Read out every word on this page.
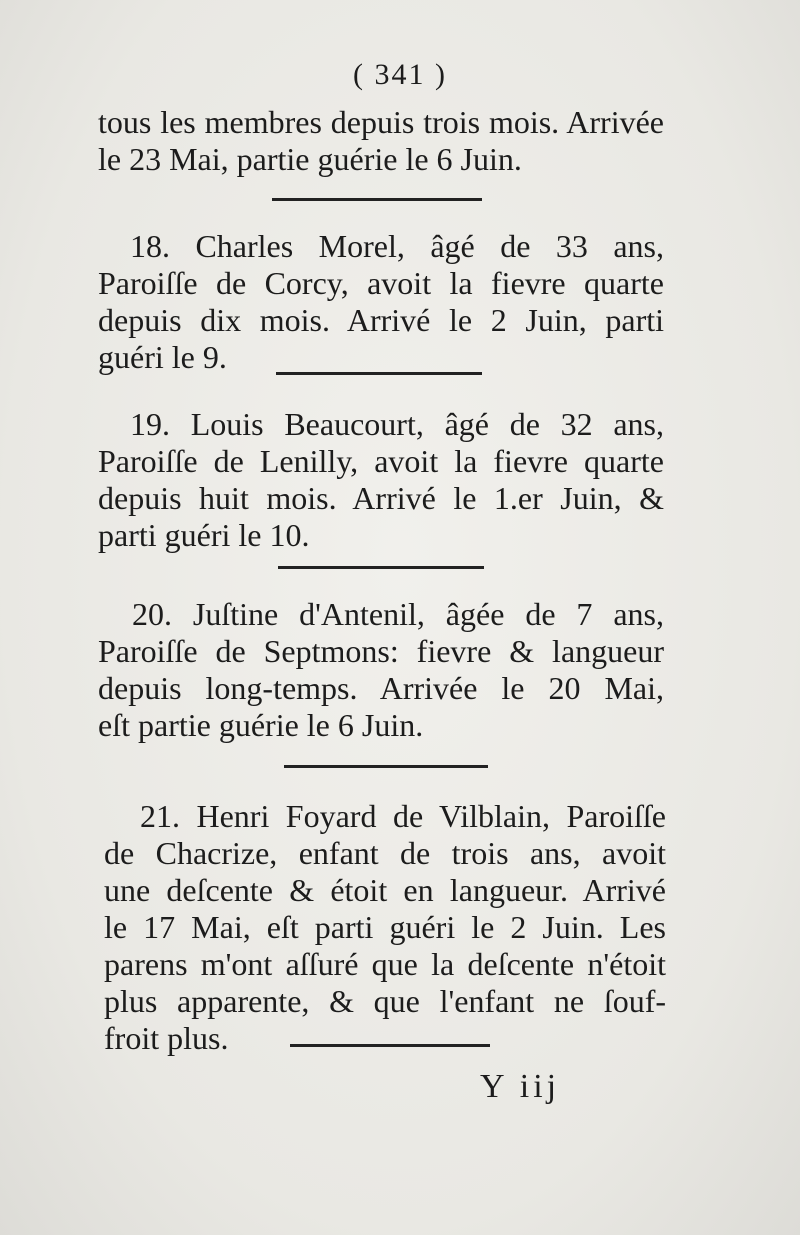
( 341 )
tous les membres depuis trois mois. Arrivée
le 23 Mai, partie guérie le 6 Juin.
18. Charles Morel, âgé de 33 ans,
Paroiſſe de Corcy, avoit la fievre quarte
depuis dix mois. Arrivé le 2 Juin, parti
guéri le 9.
19. Louis Beaucourt, âgé de 32 ans,
Paroiſſe de Lenilly, avoit la fievre quarte
depuis huit mois. Arrivé le 1.er Juin, &
parti guéri le 10.
20. Juſtine d'Antenil, âgée de 7 ans,
Paroiſſe de Septmons: fievre & langueur
depuis long-temps. Arrivée le 20 Mai,
eſt partie guérie le 6 Juin.
21. Henri Foyard de Vilblain, Paroiſſe
de Chacrize, enfant de trois ans, avoit
une deſcente & étoit en langueur. Arrivé
le 17 Mai, eſt parti guéri le 2 Juin. Les
parens m'ont aſſuré que la deſcente n'étoit
plus apparente, & que l'enfant ne ſouf-
froit plus.
Y iij
